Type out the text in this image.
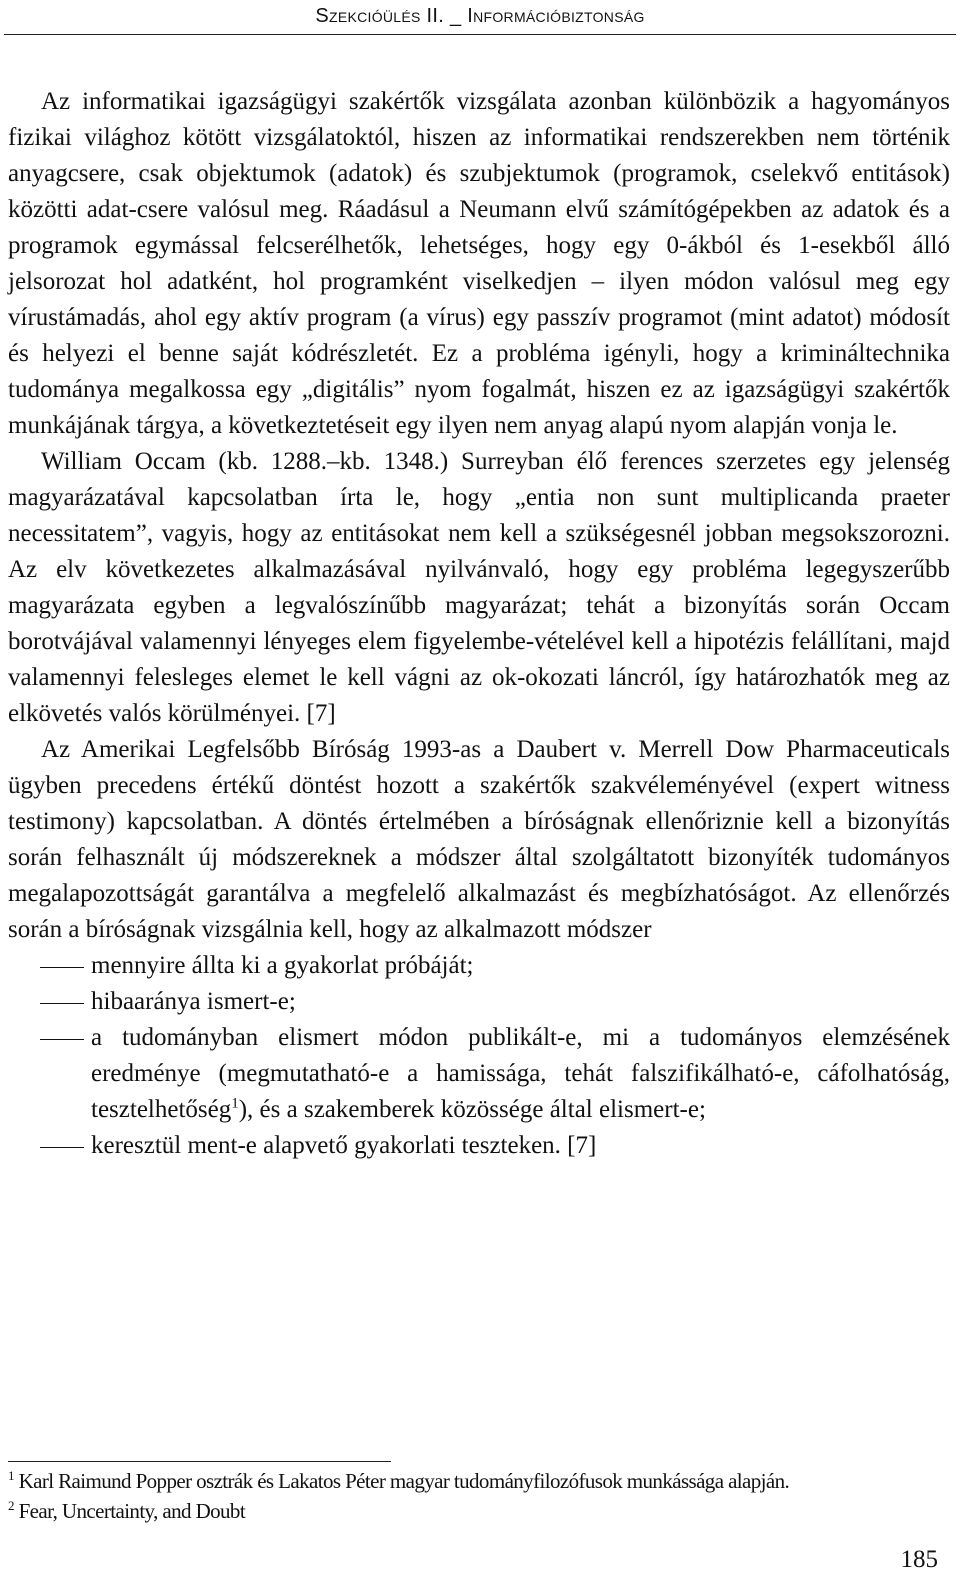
Szekcióülés II. _ Információbiztonság

Az informatikai igazságügyi szakértők vizsgálata azonban különbözik a hagyományos fizikai világhoz kötött vizsgálatoktól, hiszen az informatikai rendszerekben nem történik anyagcsere, csak objektumok (adatok) és szubjektumok (programok, cselekvő entitások) közötti adat-csere valósul meg. Ráadásul a Neumann elvű számítógépekben az adatok és a programok egymással felcserélhetők, lehetséges, hogy egy 0-ákból és 1-esekből álló jelsorozat hol adatként, hol programként viselkedjen – ilyen módon valósul meg egy vírustámadás, ahol egy aktív program (a vírus) egy passzív programot (mint adatot) módosít és helyezi el benne saját kódrészletét. Ez a probléma igényli, hogy a krimináltechnika tudománya megalkossa egy „digitális” nyom fogalmát, hiszen ez az igazságügyi szakértők munkájának tárgya, a következtetéseit egy ilyen nem anyag alapú nyom alapján vonja le.

William Occam (kb. 1288.–kb. 1348.) Surreyban élő ferences szerzetes egy jelenség magyarázatával kapcsolatban írta le, hogy „entia non sunt multiplicanda praeter necessitatem”, vagyis, hogy az entitásokat nem kell a szükségesnél jobban megsokszorozni. Az elv következetes alkalmazásával nyilvánvaló, hogy egy probléma legegyszerűbb magyarázata egyben a legvalószínűbb magyarázat; tehát a bizonyítás során Occam borotvájával valamennyi lényeges elem figyelembe-vételével kell a hipotézis felállítani, majd valamennyi felesleges elemet le kell vágni az ok-okozati láncról, így határozhatók meg az elkövetés valós körülményei. [7]

Az Amerikai Legfelsőbb Bíróság 1993-as a Daubert v. Merrell Dow Pharmaceuticals ügyben precedens értékű döntést hozott a szakértők szakvéleményével (expert witness testimony) kapcsolatban. A döntés értelmében a bíróságnak ellenőriznie kell a bizonyítás során felhasznált új módszereknek a módszer által szolgáltatott bizonyíték tudományos megalapozottságát garantálva a megfelelő alkalmazást és megbízhatóságot. Az ellenőrzés során a bíróságnak vizsgálnia kell, hogy az alkalmazott módszer

mennyire állta ki a gyakorlat próbáját;
hibaaránya ismert-e;
a tudományban elismert módon publikált-e, mi a tudományos elemzésének eredménye (megmutatható-e a hamissága, tehát falszifikálható-e, cáfolhatóság, tesztelhetőség$^1$), és a szakemberek közössége által elismert-e;
keresztül ment-e alapvető gyakorlati teszteken. [7]

$^1$ Karl Raimund Popper osztrák és Lakatos Péter magyar tudományfilozófusok munkássága alapján.

$^2$ Fear, Uncertainty, and Doubt

185
